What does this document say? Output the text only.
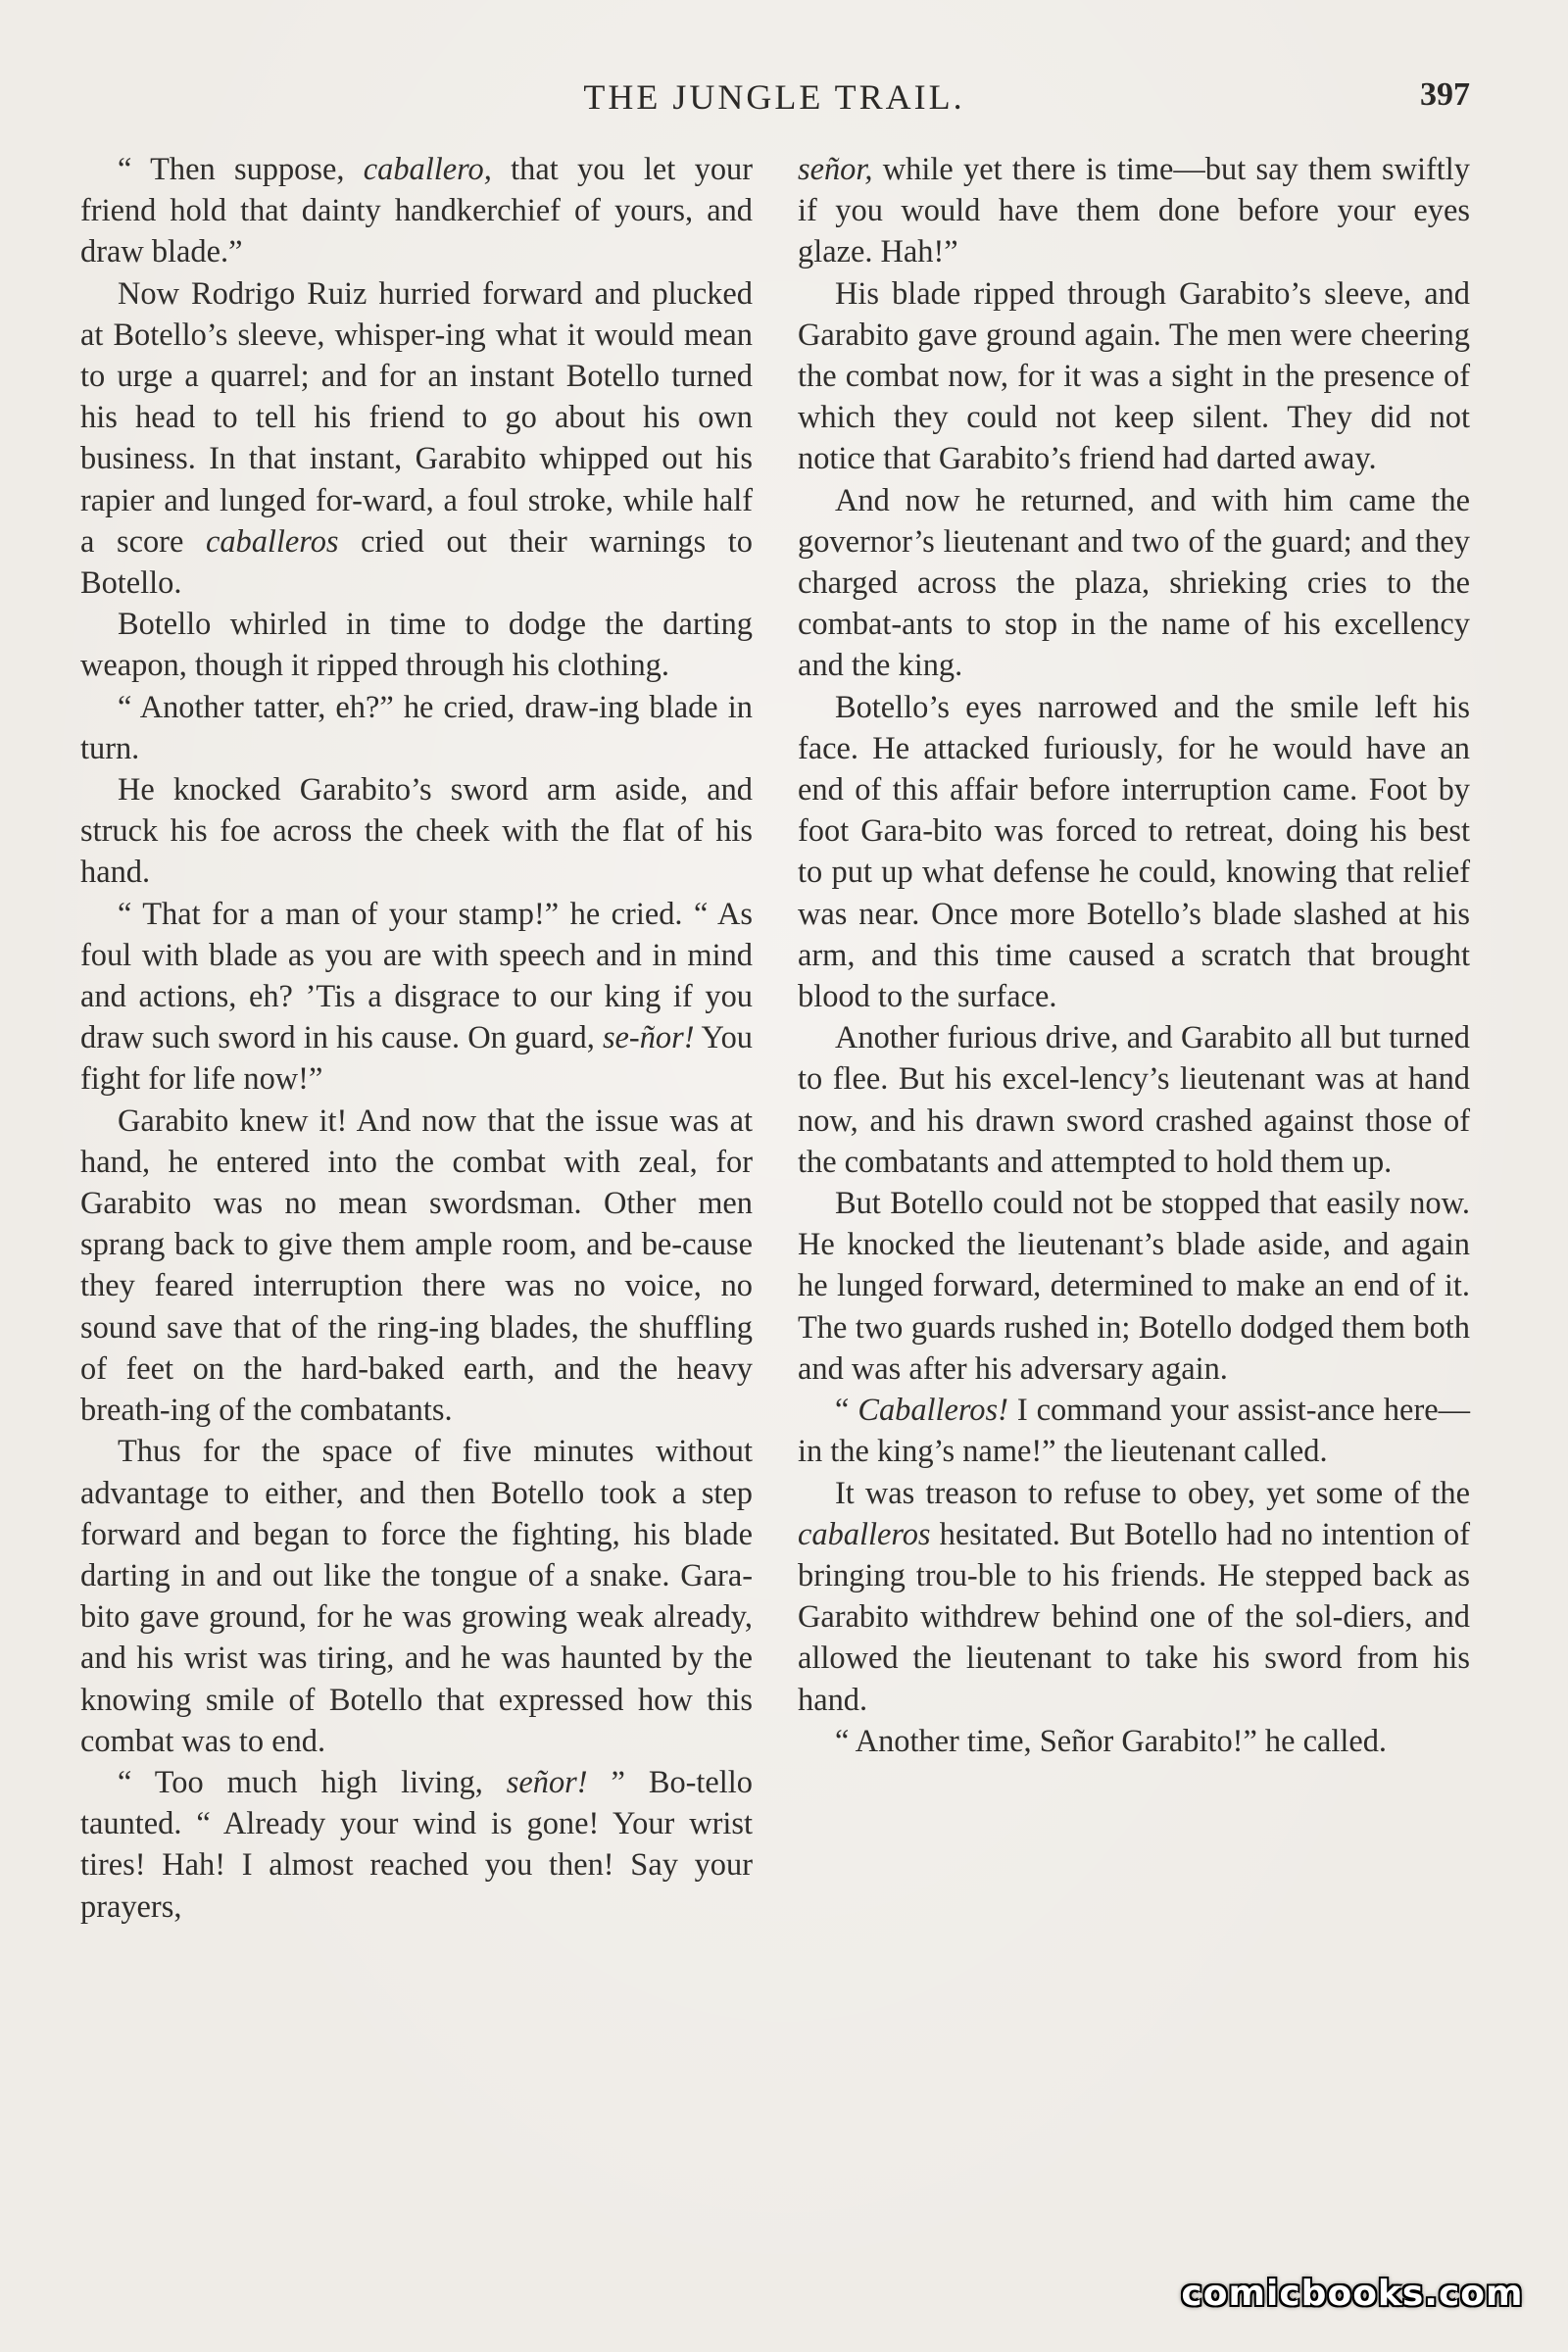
THE JUNGLE TRAIL.	397

“ Then suppose, caballero, that you let your friend hold that dainty handkerchief of yours, and draw blade.”

Now Rodrigo Ruiz hurried forward and plucked at Botello’s sleeve, whisper-ing what it would mean to urge a quarrel; and for an instant Botello turned his head to tell his friend to go about his own business. In that instant, Garabito whipped out his rapier and lunged for-ward, a foul stroke, while half a score caballeros cried out their warnings to Botello.

Botello whirled in time to dodge the darting weapon, though it ripped through his clothing.

“ Another tatter, eh?” he cried, draw-ing blade in turn.

He knocked Garabito’s sword arm aside, and struck his foe across the cheek with the flat of his hand.

“ That for a man of your stamp!” he cried. “ As foul with blade as you are with speech and in mind and actions, eh? ’Tis a disgrace to our king if you draw such sword in his cause. On guard, se-ñor! You fight for life now!”

Garabito knew it! And now that the issue was at hand, he entered into the combat with zeal, for Garabito was no mean swordsman. Other men sprang back to give them ample room, and be-cause they feared interruption there was no voice, no sound save that of the ring-ing blades, the shuffling of feet on the hard-baked earth, and the heavy breath-ing of the combatants.

Thus for the space of five minutes without advantage to either, and then Botello took a step forward and began to force the fighting, his blade darting in and out like the tongue of a snake. Gara-bito gave ground, for he was growing weak already, and his wrist was tiring, and he was haunted by the knowing smile of Botello that expressed how this combat was to end.

“ Too much high living, señor! ” Bo-tello taunted. “ Already your wind is gone! Your wrist tires! Hah! I almost reached you then! Say your prayers,

señor, while yet there is time—but say them swiftly if you would have them done before your eyes glaze. Hah!”

His blade ripped through Garabito’s sleeve, and Garabito gave ground again. The men were cheering the combat now, for it was a sight in the presence of which they could not keep silent. They did not notice that Garabito’s friend had darted away.

And now he returned, and with him came the governor’s lieutenant and two of the guard; and they charged across the plaza, shrieking cries to the combat-ants to stop in the name of his excellency and the king.

Botello’s eyes narrowed and the smile left his face. He attacked furiously, for he would have an end of this affair before interruption came. Foot by foot Gara-bito was forced to retreat, doing his best to put up what defense he could, knowing that relief was near. Once more Botello’s blade slashed at his arm, and this time caused a scratch that brought blood to the surface.

Another furious drive, and Garabito all but turned to flee. But his excel-lency’s lieutenant was at hand now, and his drawn sword crashed against those of the combatants and attempted to hold them up.

But Botello could not be stopped that easily now. He knocked the lieutenant’s blade aside, and again he lunged forward, determined to make an end of it. The two guards rushed in; Botello dodged them both and was after his adversary again.

“ Caballeros! I command your assist-ance here—in the king’s name!” the lieutenant called.

It was treason to refuse to obey, yet some of the caballeros hesitated. But Botello had no intention of bringing trou-ble to his friends. He stepped back as Garabito withdrew behind one of the sol-diers, and allowed the lieutenant to take his sword from his hand.

“ Another time, Señor Garabito!” he called.

comicbooks.com
